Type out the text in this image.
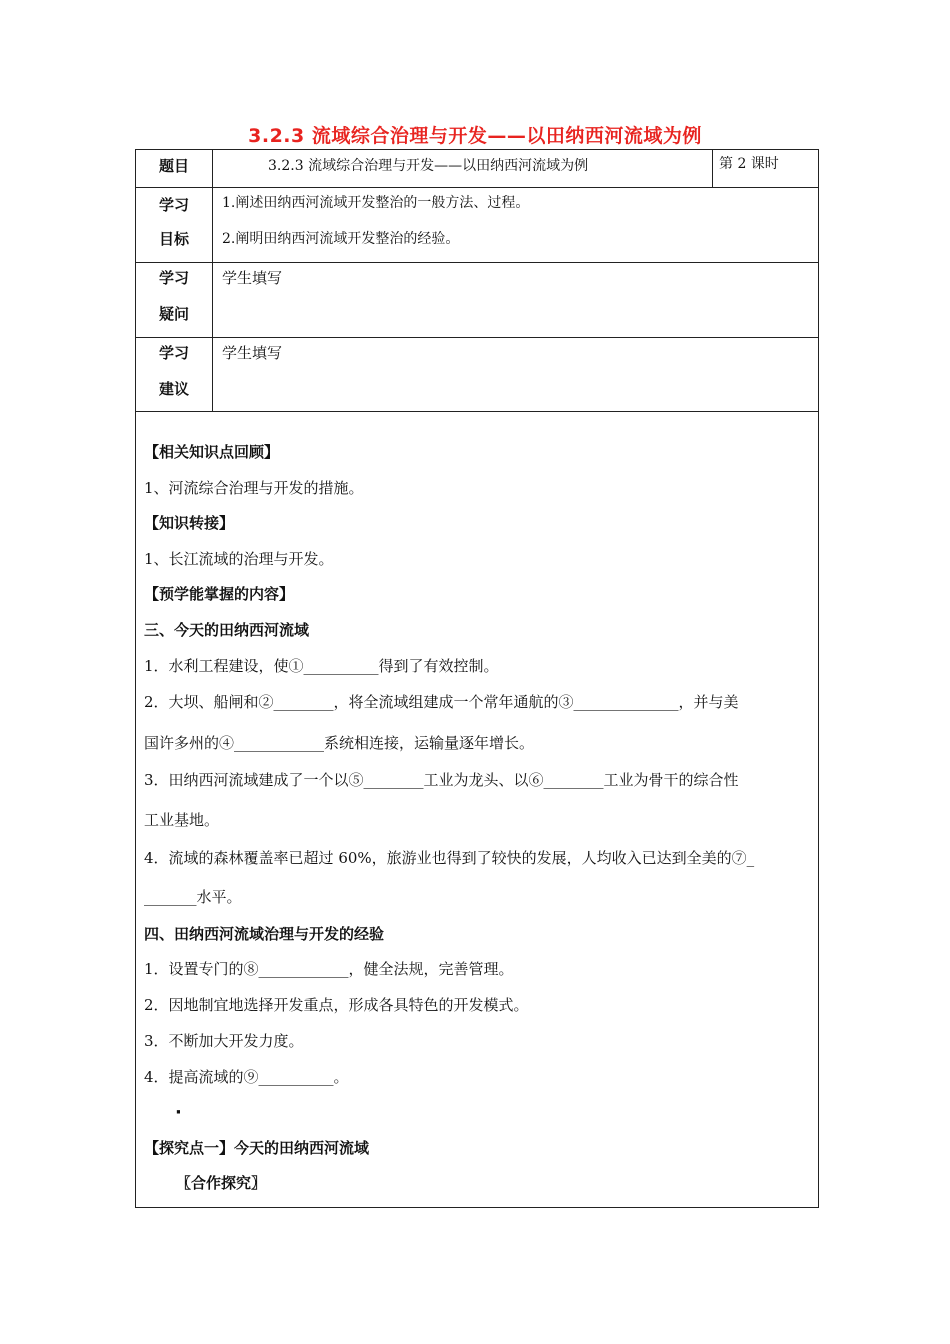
3.2.3 流域综合治理与开发——以田纳西河流域为例
题目	3.2.3 流域综合治理与开发——以田纳西河流域为例	第 2 课时
学习
目标
1.阐述田纳西河流域开发整治的一般方法、过程。
2.阐明田纳西河流域开发整治的经验。
学习
疑问
学生填写
学习
建议
学生填写
【相关知识点回顾】
1、河流综合治理与开发的措施。
【知识转接】
1、长江流域的治理与开发。
【预学能掌握的内容】
三、今天的田纳西河流域
1．水利工程建设，使①__________得到了有效控制。
2．大坝、船闸和②________，将全流域组建成一个常年通航的③______________，并与美
国许多州的④____________系统相连接，运输量逐年增长。
3．田纳西河流域建成了一个以⑤________工业为龙头、以⑥________工业为骨干的综合性
工业基地。
4．流域的森林覆盖率已超过 60%，旅游业也得到了较快的发展，人均收入已达到全美的⑦_
_______水平。
四、田纳西河流域治理与开发的经验
1．设置专门的⑧____________，健全法规，完善管理。
2．因地制宜地选择开发重点，形成各具特色的开发模式。
3．不断加大开发力度。
4．提高流域的⑨__________。
·
【探究点一】今天的田纳西河流域
〖合作探究〗
